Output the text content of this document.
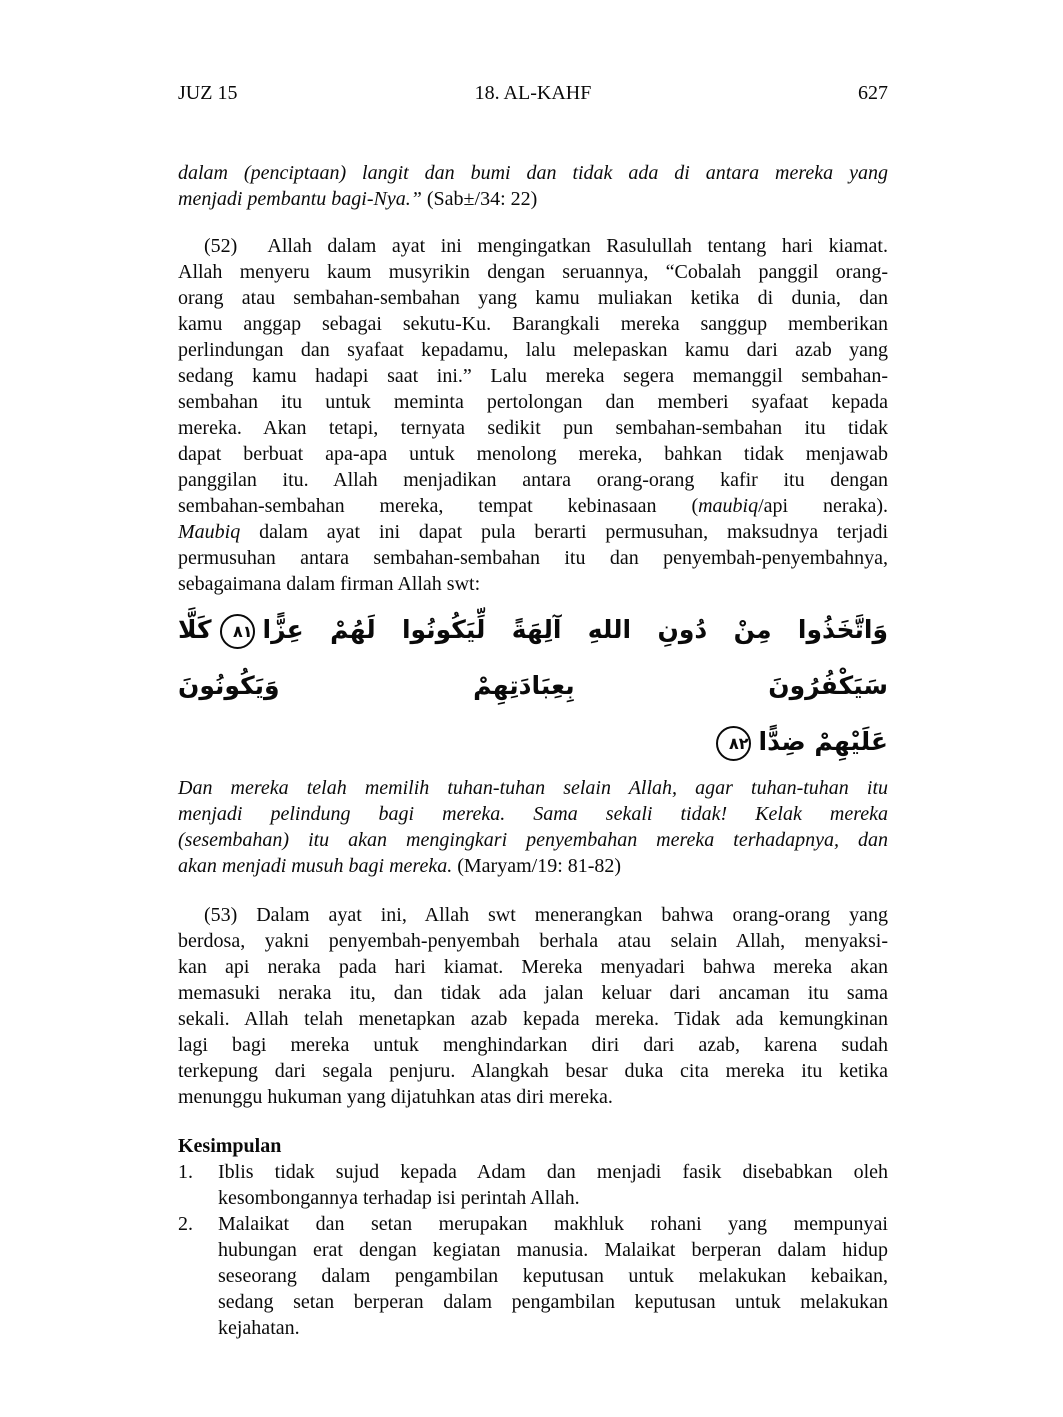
JUZ 15	18. AL-KAHF	627
dalam (penciptaan) langit dan bumi dan tidak ada di antara mereka yang
menjadi pembantu bagi-Nya.” (Sab±/34: 22)
(52)  Allah dalam ayat ini mengingatkan Rasulullah tentang hari kiamat.
Allah menyeru kaum musyrikin dengan seruannya, “Cobalah panggil orang-
orang atau sembahan-sembahan yang kamu muliakan ketika di dunia, dan
kamu anggap sebagai sekutu-Ku. Barangkali mereka sanggup memberikan
perlindungan dan syafaat kepadamu, lalu melepaskan kamu dari azab yang
sedang kamu hadapi saat ini.” Lalu mereka segera memanggil sembahan-
sembahan itu untuk meminta pertolongan dan memberi syafaat kepada
mereka. Akan tetapi, ternyata sedikit pun sembahan-sembahan itu tidak
dapat berbuat apa-apa untuk menolong mereka, bahkan tidak menjawab
panggilan itu. Allah menjadikan antara orang-orang kafir itu dengan
sembahan-sembahan mereka, tempat kebinasaan (maubiq/api neraka).
Maubiq dalam ayat ini dapat pula berarti permusuhan, maksudnya terjadi
permusuhan antara sembahan-sembahan itu dan penyembah-penyembahnya,
sebagaimana dalam firman Allah swt:
وَاتَّخَذُوا مِنْ دُونِ اللهِ آلِهَةً لِّيَكُونُوا لَهُمْ عِزًّا٨١كَلَّا سَيَكْفُرُونَ بِعِبَادَتِهِمْ وَيَكُونُونَ
عَلَيْهِمْ ضِدًّا٨٢
Dan mereka telah memilih tuhan-tuhan selain Allah, agar tuhan-tuhan itu
menjadi pelindung bagi mereka. Sama sekali tidak! Kelak mereka
(sesembahan) itu akan mengingkari penyembahan mereka terhadapnya, dan
akan menjadi musuh bagi mereka. (Maryam/19: 81-82)
(53) Dalam ayat ini, Allah swt menerangkan bahwa orang-orang yang
berdosa, yakni penyembah-penyembah berhala atau selain Allah, menyaksi-
kan api neraka pada hari kiamat. Mereka menyadari bahwa mereka akan
memasuki neraka itu, dan tidak ada jalan keluar dari ancaman itu sama
sekali. Allah telah menetapkan azab kepada mereka. Tidak ada kemungkinan
lagi bagi mereka untuk menghindarkan diri dari azab, karena sudah
terkepung dari segala penjuru. Alangkah besar duka cita mereka itu ketika
menunggu hukuman yang dijatuhkan atas diri mereka.
Kesimpulan
1. Iblis tidak sujud kepada Adam dan menjadi fasik disebabkan oleh
kesombongannya terhadap isi perintah Allah.
2. Malaikat dan setan merupakan makhluk rohani yang mempunyai
hubungan erat dengan kegiatan manusia. Malaikat berperan dalam hidup
seseorang dalam pengambilan keputusan untuk melakukan kebaikan,
sedang setan berperan dalam pengambilan keputusan untuk melakukan
kejahatan.
